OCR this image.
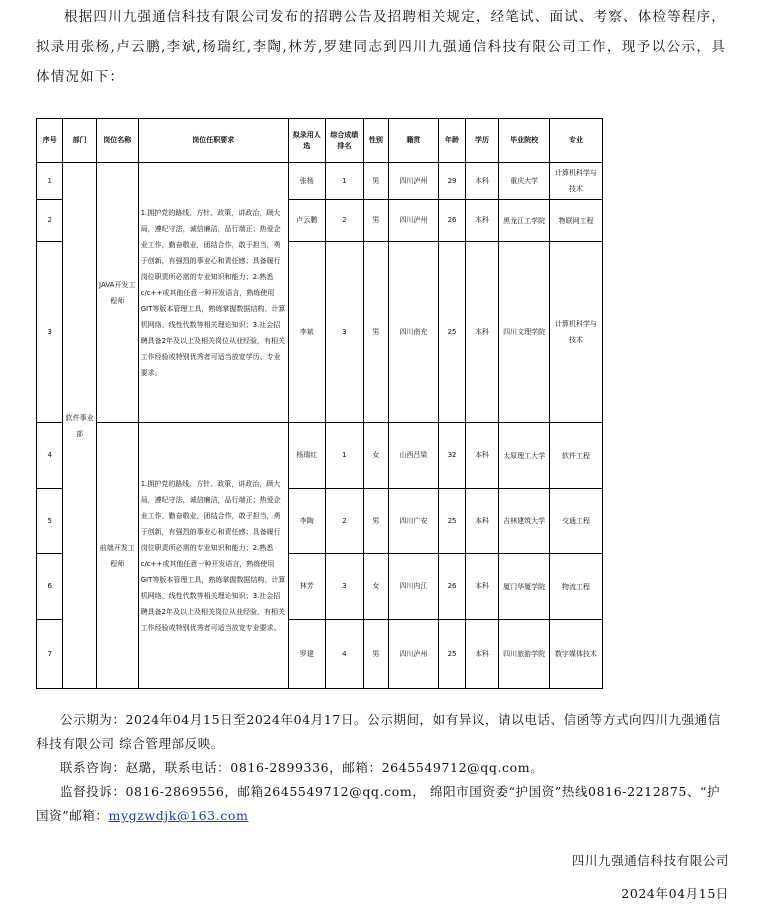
根据四川九强通信科技有限公司发布的招聘公告及招聘相关规定，经笔试、面试、考察、体检等程序，拟录用张杨,卢云鹏,李斌,杨瑞红,李陶,林芳,罗建同志到四川九强通信科技有限公司工作，现予以公示，具体情况如下：
序号	部门	岗位名称	岗位任职要求	拟录用人选	综合成绩排名	性别	籍贯	年龄	学历	毕业院校	专业
1	软件事业部	JAVA开发工程师	1.拥护党的路线、方针、政策，讲政治，顾大局，遵纪守法，诚信廉洁，品行端正；热爱企业工作，勤奋敬业，团结合作，敢于担当，勇于创新，有强烈的事业心和责任感；具备履行岗位职责所必需的专业知识和能力；2.熟悉c/c++或其他任意一种开发语言，熟练使用GIT等版本管理工具，熟练掌握数据结构、计算机网络、线性代数等相关理论知识；3.社会招聘具备2年及以上及相关岗位从业经验，有相关工作经验或特别优秀者可适当放宽学历、专业要求。	张杨	1	男	四川泸州	29	本科	重庆大学	计算机科学与技术
2				卢云鹏	2	男	四川泸州	26	本科	黑龙江工学院	物联网工程
3				李斌	3	男	四川南充	25	本科	四川文理学院	计算机科学与技术
4		前端开发工程师	1.拥护党的路线、方针、政策，讲政治，顾大局，遵纪守法，诚信廉洁，品行端正；热爱企业工作，勤奋敬业，团结合作，敢于担当，勇于创新，有强烈的事业心和责任感；具备履行岗位职责所必需的专业知识和能力；2.熟悉c/c++或其他任意一种开发语言，熟练使用GIT等版本管理工具，熟练掌握数据结构、计算机网络、线性代数等相关理论知识；3.社会招聘具备2年及以上及相关岗位从业经验，有相关工作经验或特别优秀者可适当放宽专业要求。	杨瑞红	1	女	山西吕梁	32	本科	太原理工大学	软件工程
5				李陶	2	男	四川广安	25	本科	吉林建筑大学	交通工程
6				林芳	3	女	四川内江	26	本科	厦门华厦学院	物流工程
7				罗建	4	男	四川泸州	25	本科	四川旅游学院	数字媒体技术

公示期为：2024年04月15日至2024年04月17日。公示期间，如有异议，请以电话、信函等方式向四川九强通信科技有限公司 综合管理部反映。

联系咨询：赵璐，联系电话：0816-2899336，邮箱：2645549712@qq.com。

监督投诉：0816-2869556，邮箱2645549712@qq.com， 绵阳市国资委“护国资”热线0816-2212875、“护国资”邮箱：mygzwdjk@163.com

四川九强通信科技有限公司
2024年04月15日
